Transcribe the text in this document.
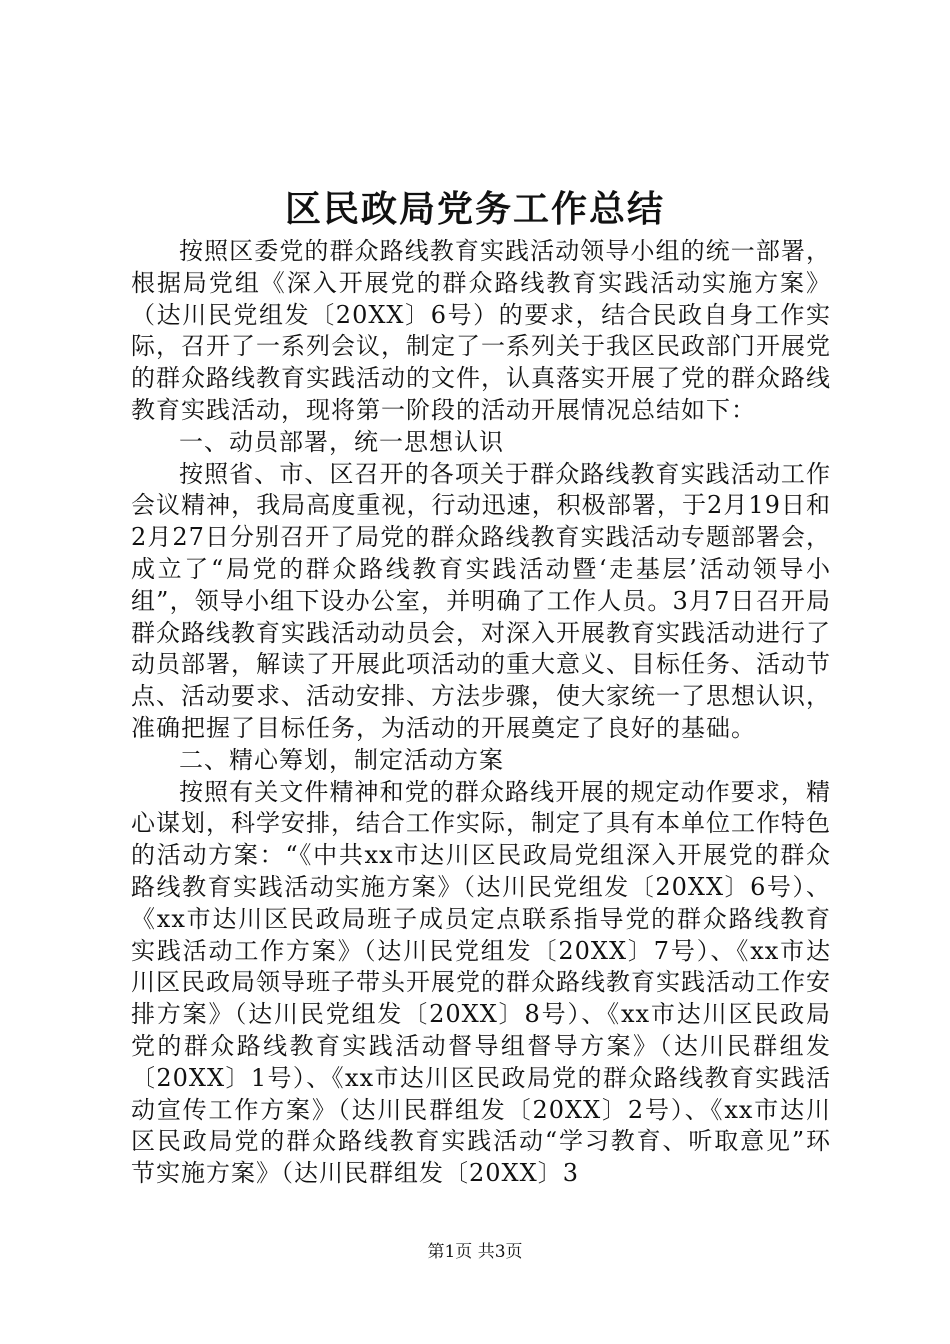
区民政局党务工作总结

按照区委党的群众路线教育实践活动领导小组的统一部署，根据局党组《深入开展党的群众路线教育实践活动实施方案》（达川民党组发〔20XX〕6号）的要求，结合民政自身工作实际，召开了一系列会议，制定了一系列关于我区民政部门开展党的群众路线教育实践活动的文件，认真落实开展了党的群众路线教育实践活动，现将第一阶段的活动开展情况总结如下：

一、动员部署，统一思想认识

按照省、市、区召开的各项关于群众路线教育实践活动工作会议精神，我局高度重视，行动迅速，积极部署，于2月19日和2月27日分别召开了局党的群众路线教育实践活动专题部署会，成立了“局党的群众路线教育实践活动暨‘走基层’活动领导小组”，领导小组下设办公室，并明确了工作人员。3月7日召开局群众路线教育实践活动动员会，对深入开展教育实践活动进行了动员部署，解读了开展此项活动的重大意义、目标任务、活动节点、活动要求、活动安排、方法步骤，使大家统一了思想认识，准确把握了目标任务，为活动的开展奠定了良好的基础。

二、精心筹划，制定活动方案

按照有关文件精神和党的群众路线开展的规定动作要求，精心谋划，科学安排，结合工作实际，制定了具有本单位工作特色的活动方案：“《中共xx市达川区民政局党组深入开展党的群众路线教育实践活动实施方案》（达川民党组发〔20XX〕6号）、《xx市达川区民政局班子成员定点联系指导党的群众路线教育实践活动工作方案》（达川民党组发〔20XX〕7号）、《xx市达川区民政局领导班子带头开展党的群众路线教育实践活动工作安排方案》（达川民党组发〔20XX〕8号）、《xx市达川区民政局党的群众路线教育实践活动督导组督导方案》（达川民群组发〔20XX〕1号）、《xx市达川区民政局党的群众路线教育实践活动宣传工作方案》（达川民群组发〔20XX〕2号）、《xx市达川区民政局党的群众路线教育实践活动“学习教育、听取意见”环节实施方案》（达川民群组发〔20XX〕3

第1页 共3页
